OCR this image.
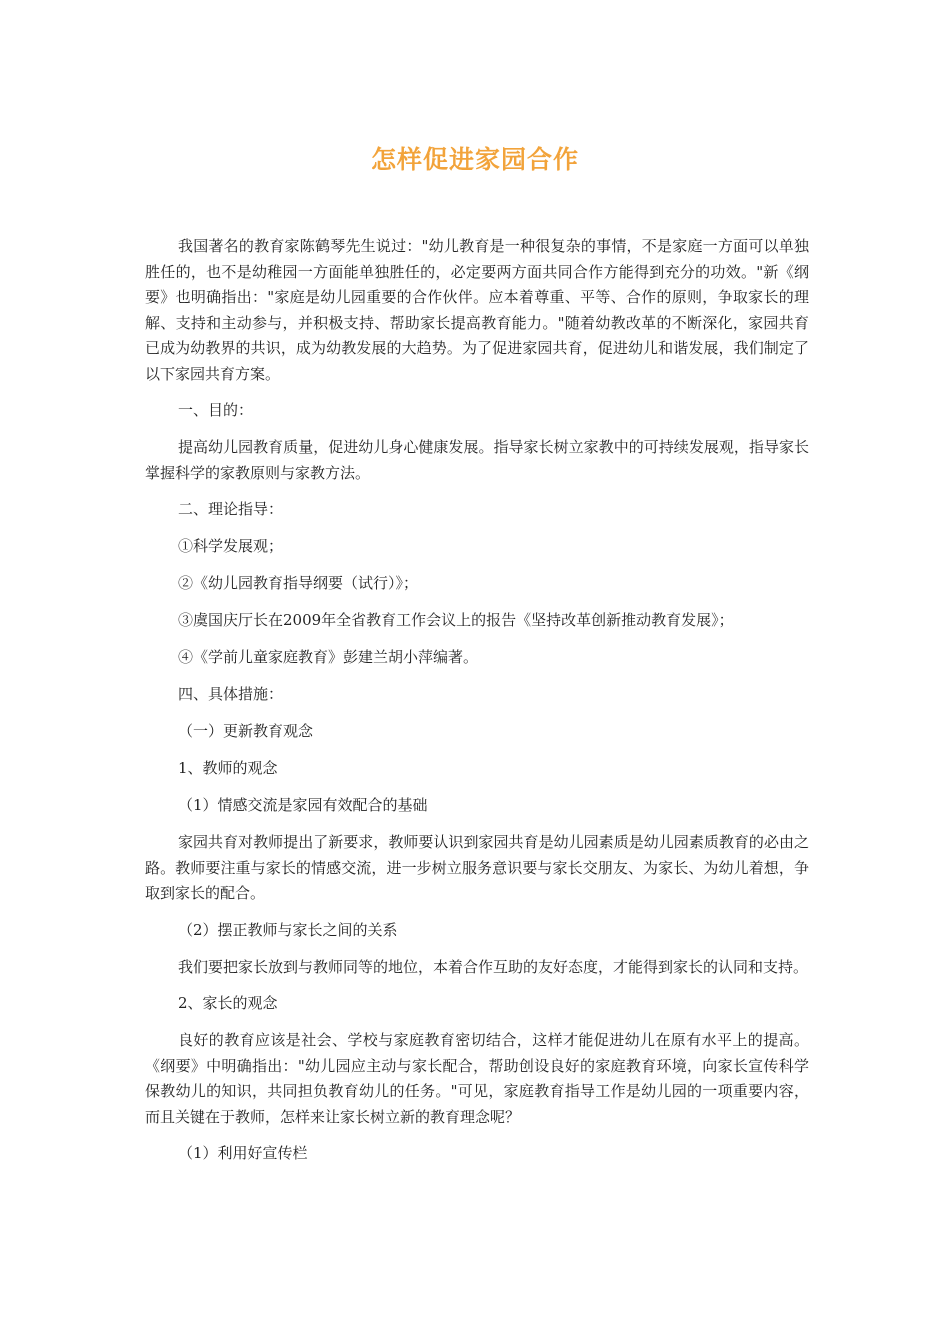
怎样促进家园合作

我国著名的教育家陈鹤琴先生说过："幼儿教育是一种很复杂的事情，不是家庭一方面可以单独胜任的，也不是幼稚园一方面能单独胜任的，必定要两方面共同合作方能得到充分的功效。"新《纲要》也明确指出："家庭是幼儿园重要的合作伙伴。应本着尊重、平等、合作的原则，争取家长的理解、支持和主动参与，并积极支持、帮助家长提高教育能力。"随着幼教改革的不断深化，家园共育已成为幼教界的共识，成为幼教发展的大趋势。为了促进家园共育，促进幼儿和谐发展，我们制定了以下家园共育方案。

一、目的：

提高幼儿园教育质量，促进幼儿身心健康发展。指导家长树立家教中的可持续发展观，指导家长掌握科学的家教原则与家教方法。

二、理论指导：

①科学发展观；

②《幼儿园教育指导纲要（试行）》；

③虞国庆厅长在2009年全省教育工作会议上的报告《坚持改革创新推动教育发展》；

④《学前儿童家庭教育》彭建兰胡小萍编著。

四、具体措施：

（一）更新教育观念

1、教师的观念

（1）情感交流是家园有效配合的基础

家园共育对教师提出了新要求，教师要认识到家园共育是幼儿园素质是幼儿园素质教育的必由之路。教师要注重与家长的情感交流，进一步树立服务意识要与家长交朋友、为家长、为幼儿着想，争取到家长的配合。

（2）摆正教师与家长之间的关系

我们要把家长放到与教师同等的地位，本着合作互助的友好态度，才能得到家长的认同和支持。

2、家长的观念

良好的教育应该是社会、学校与家庭教育密切结合，这样才能促进幼儿在原有水平上的提高。《纲要》中明确指出："幼儿园应主动与家长配合，帮助创设良好的家庭教育环境，向家长宣传科学保教幼儿的知识，共同担负教育幼儿的任务。"可见，家庭教育指导工作是幼儿园的一项重要内容，而且关键在于教师，怎样来让家长树立新的教育理念呢？

（1）利用好宣传栏
